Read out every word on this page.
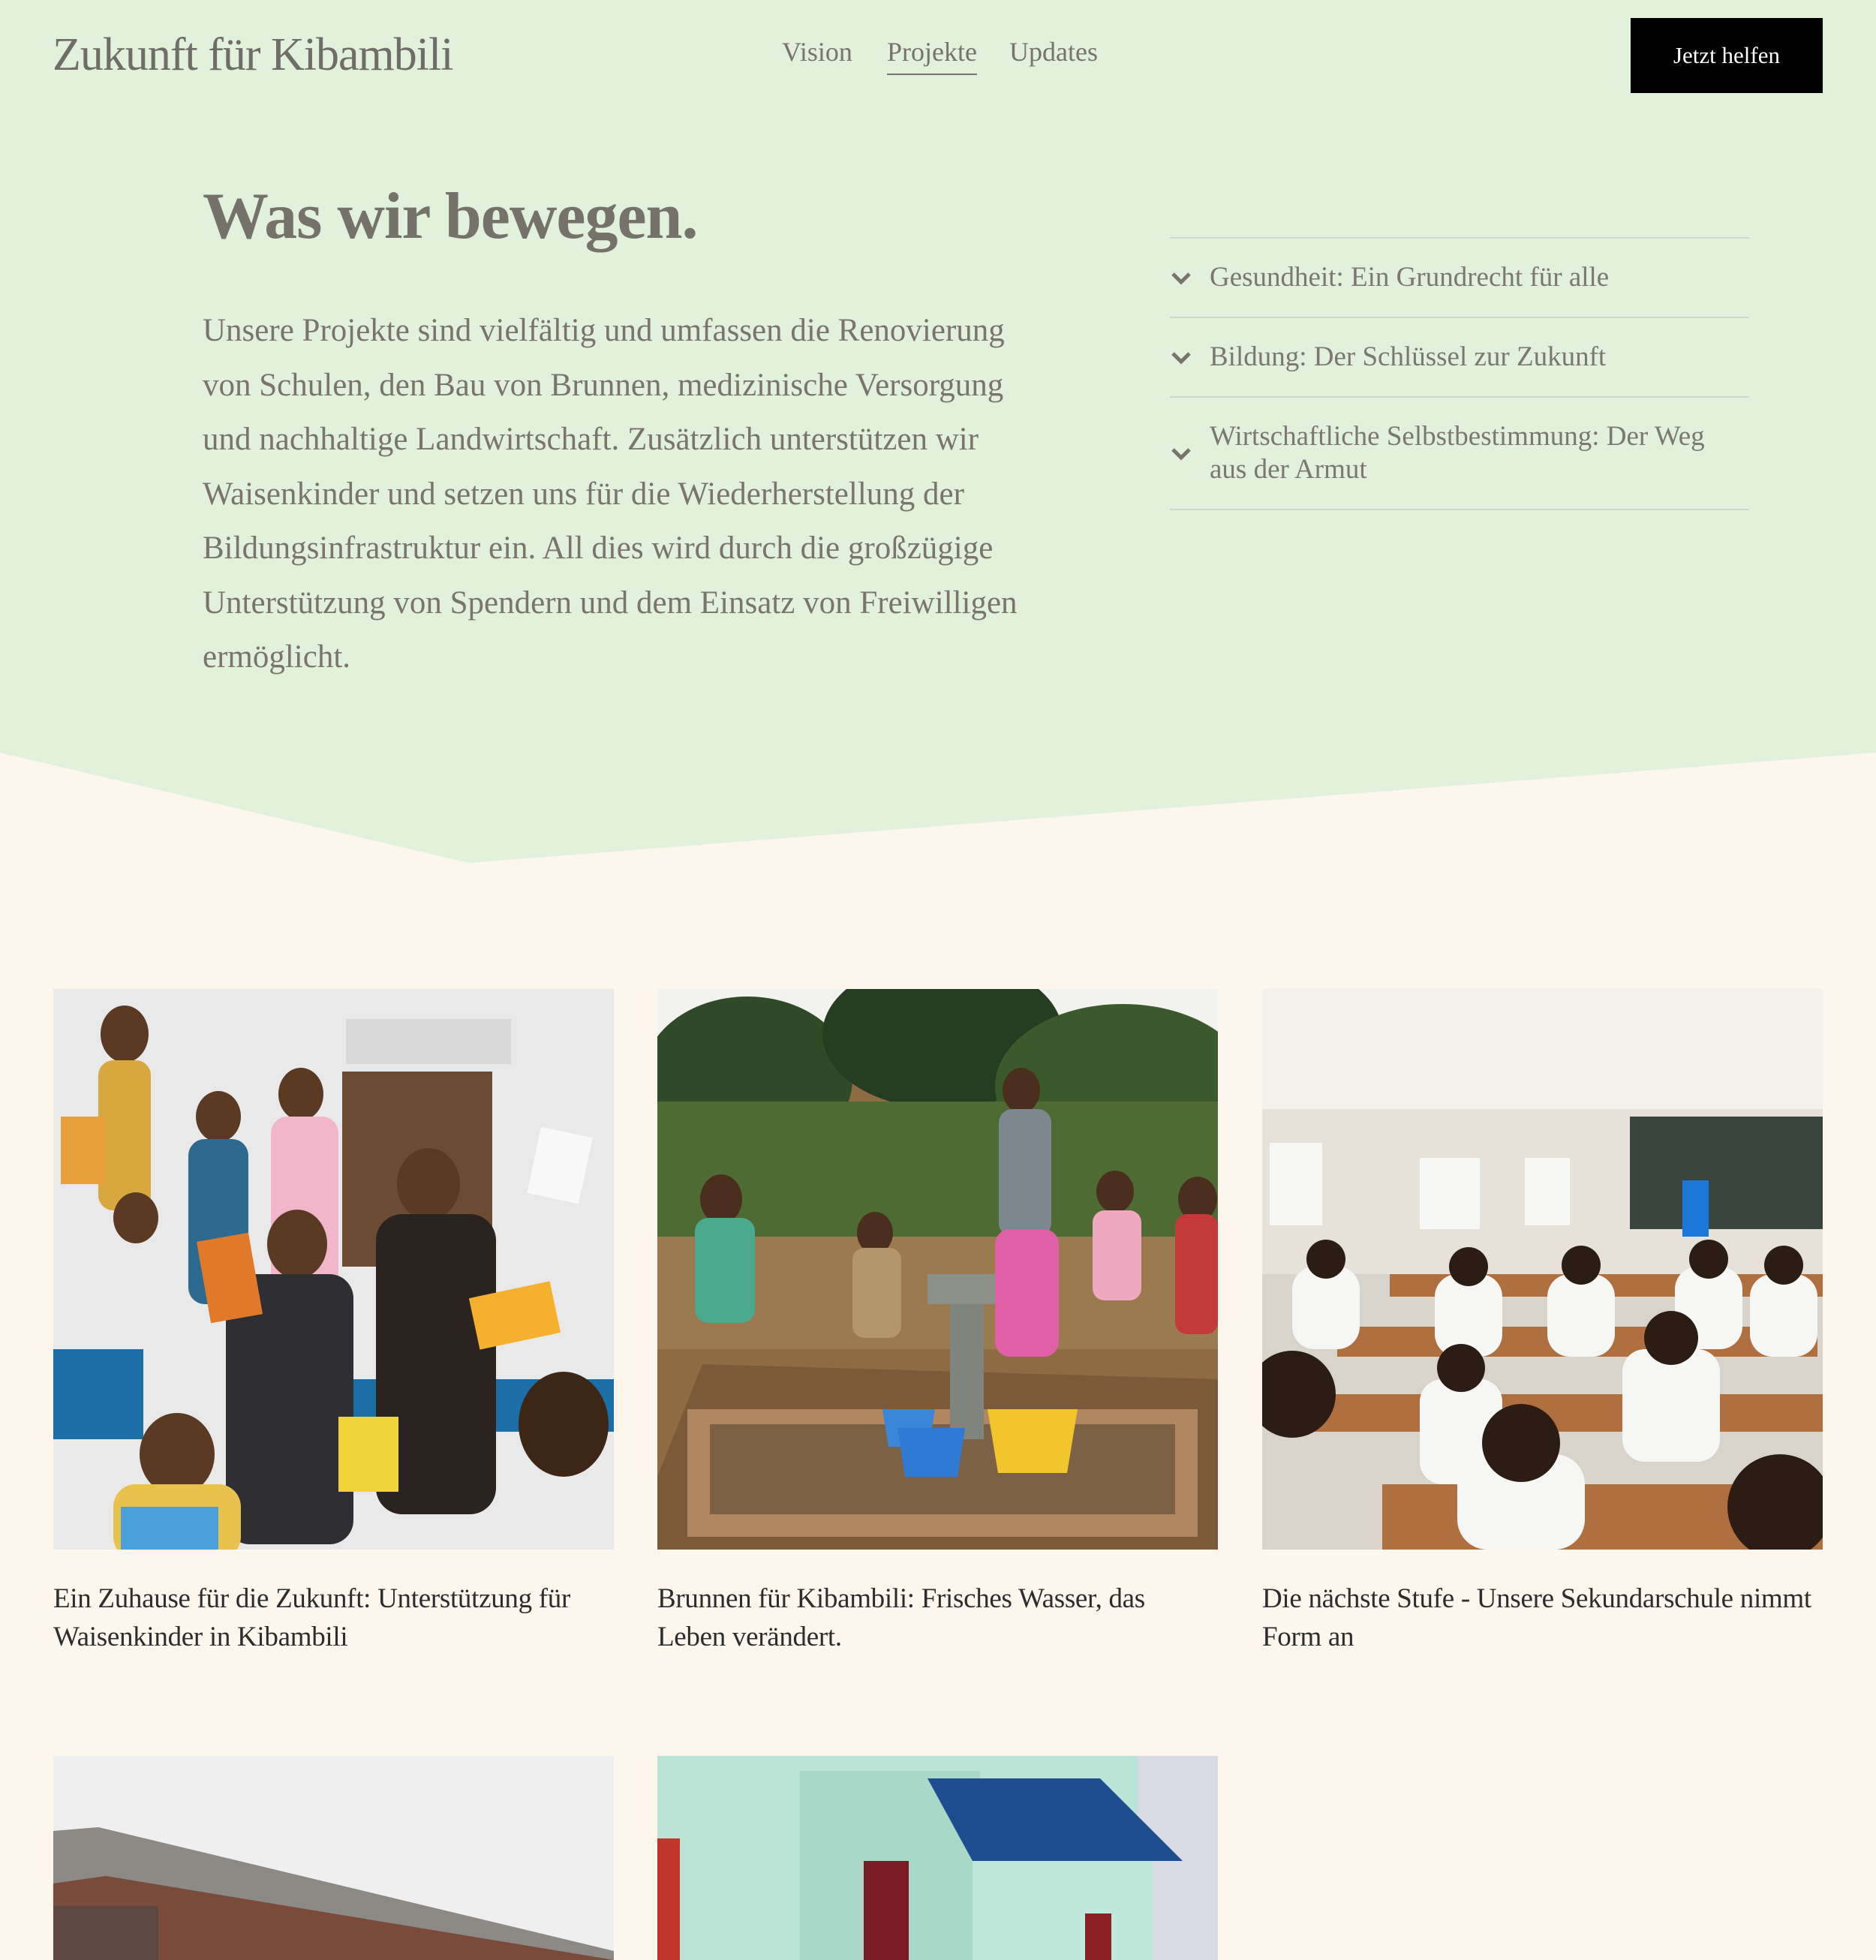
Zukunft für Kibambili	Vision Projekte Updates	Jetzt helfen
Was wir bewegen.

Unsere Projekte sind vielfältig und umfassen die Renovierung von Schulen, den Bau von Brunnen, medizinische Versorgung und nachhaltige Landwirtschaft. Zusätzlich unterstützen wir Waisenkinder und setzen uns für die Wiederherstellung der Bildungsinfrastruktur ein. All dies wird durch die großzügige Unterstützung von Spendern und dem Einsatz von Freiwilligen ermöglicht.

Gesundheit: Ein Grundrecht für alle
Bildung: Der Schlüssel zur Zukunft
Wirtschaftliche Selbstbestimmung: Der Weg aus der Armut
Ein Zuhause für die Zukunft: Unterstützung für Waisenkinder in Kibambili
Brunnen für Kibambili: Frisches Wasser, das Leben verändert.
Die nächste Stufe - Unsere Sekundarschule nimmt Form an
